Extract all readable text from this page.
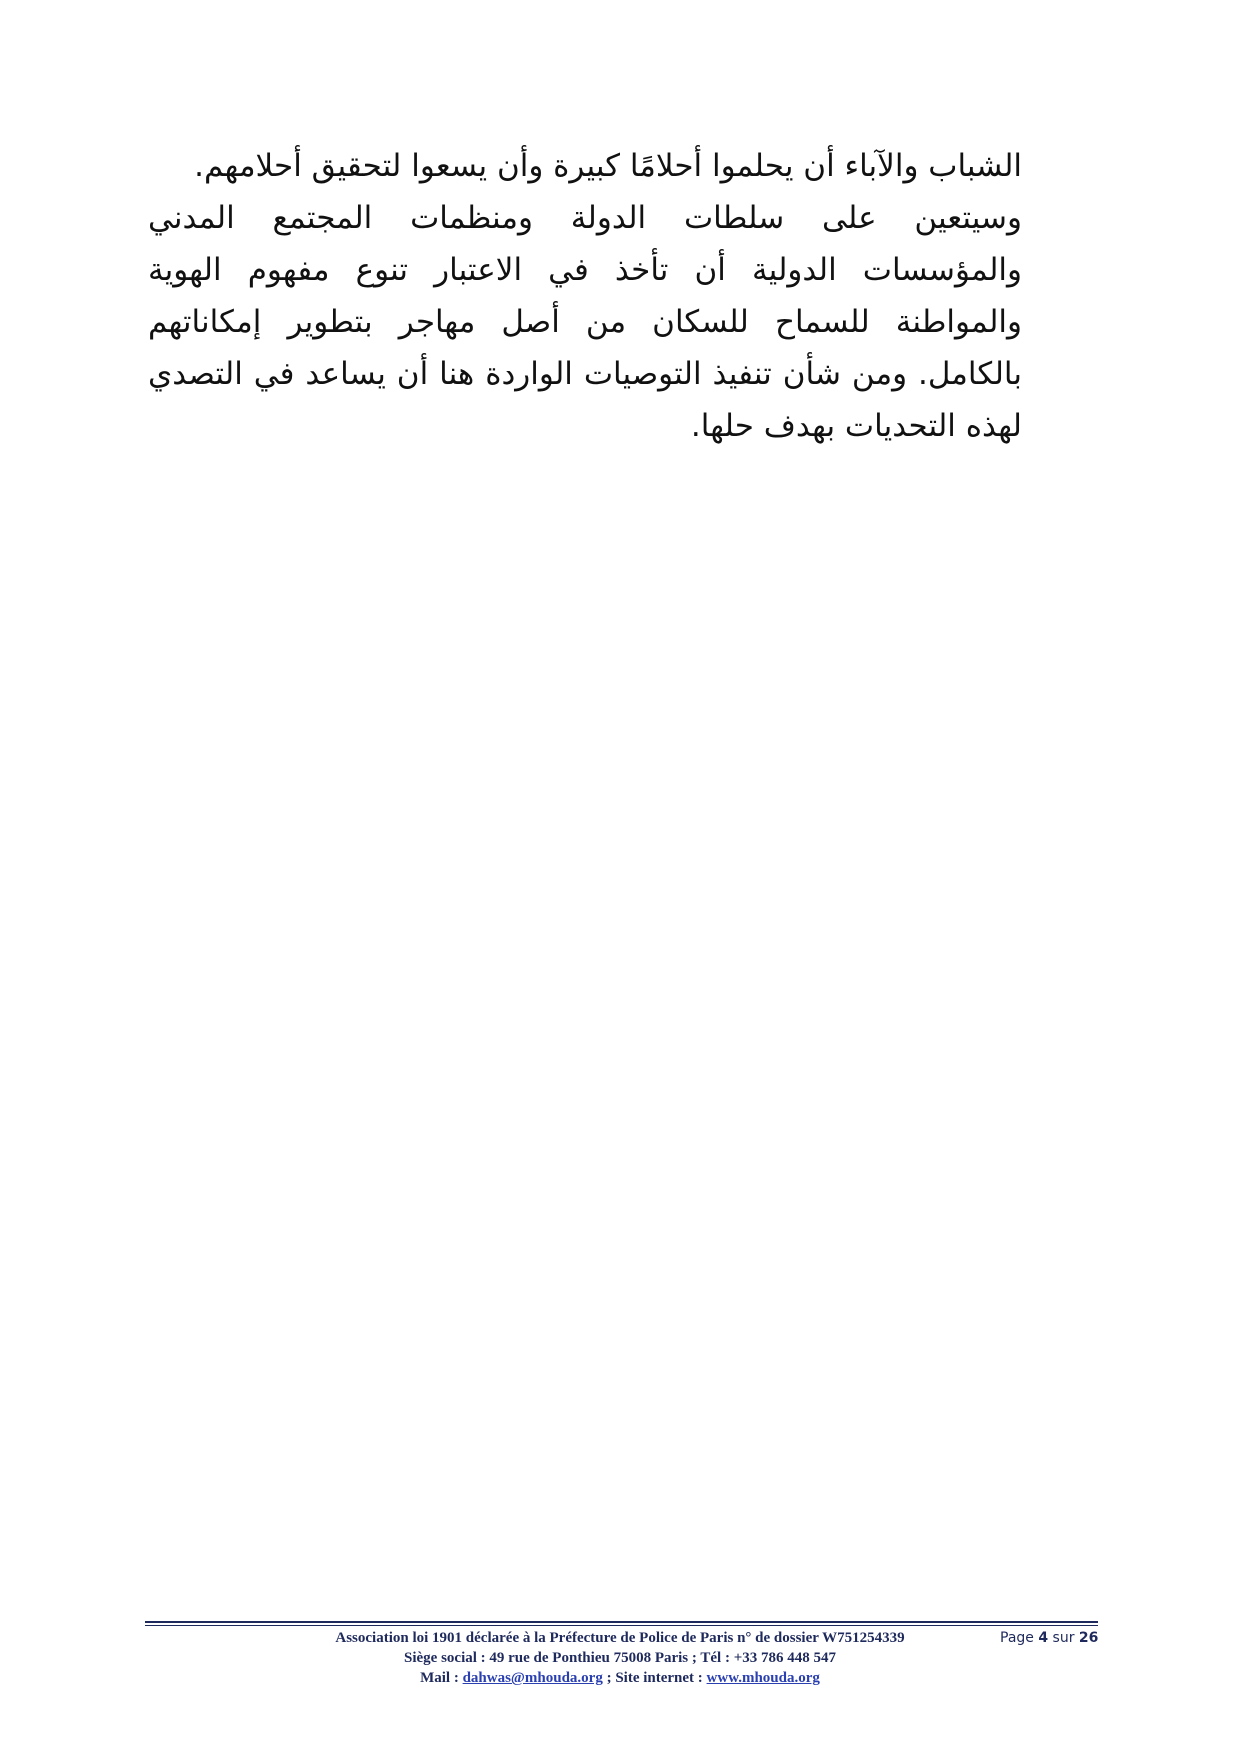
الشباب والآباء أن يحلموا أحلامًا كبيرة وأن يسعوا لتحقيق أحلامهم.

وسيتعين على سلطات الدولة ومنظمات المجتمع المدني والمؤسسات الدولية أن تأخذ في الاعتبار تنوع مفهوم الهوية والمواطنة للسماح للسكان من أصل مهاجر بتطوير إمكاناتهم بالكامل. ومن شأن تنفيذ التوصيات الواردة هنا أن يساعد في التصدي لهذه التحديات بهدف حلها.

Association loi 1901 déclarée à la Préfecture de Police de Paris n° de dossier W751254339
Siège social : 49 rue de Ponthieu 75008 Paris ; Tél : +33 786 448 547
Mail : dahwas@mhouda.org ; Site internet : www.mhouda.org
Page 4 sur 26
